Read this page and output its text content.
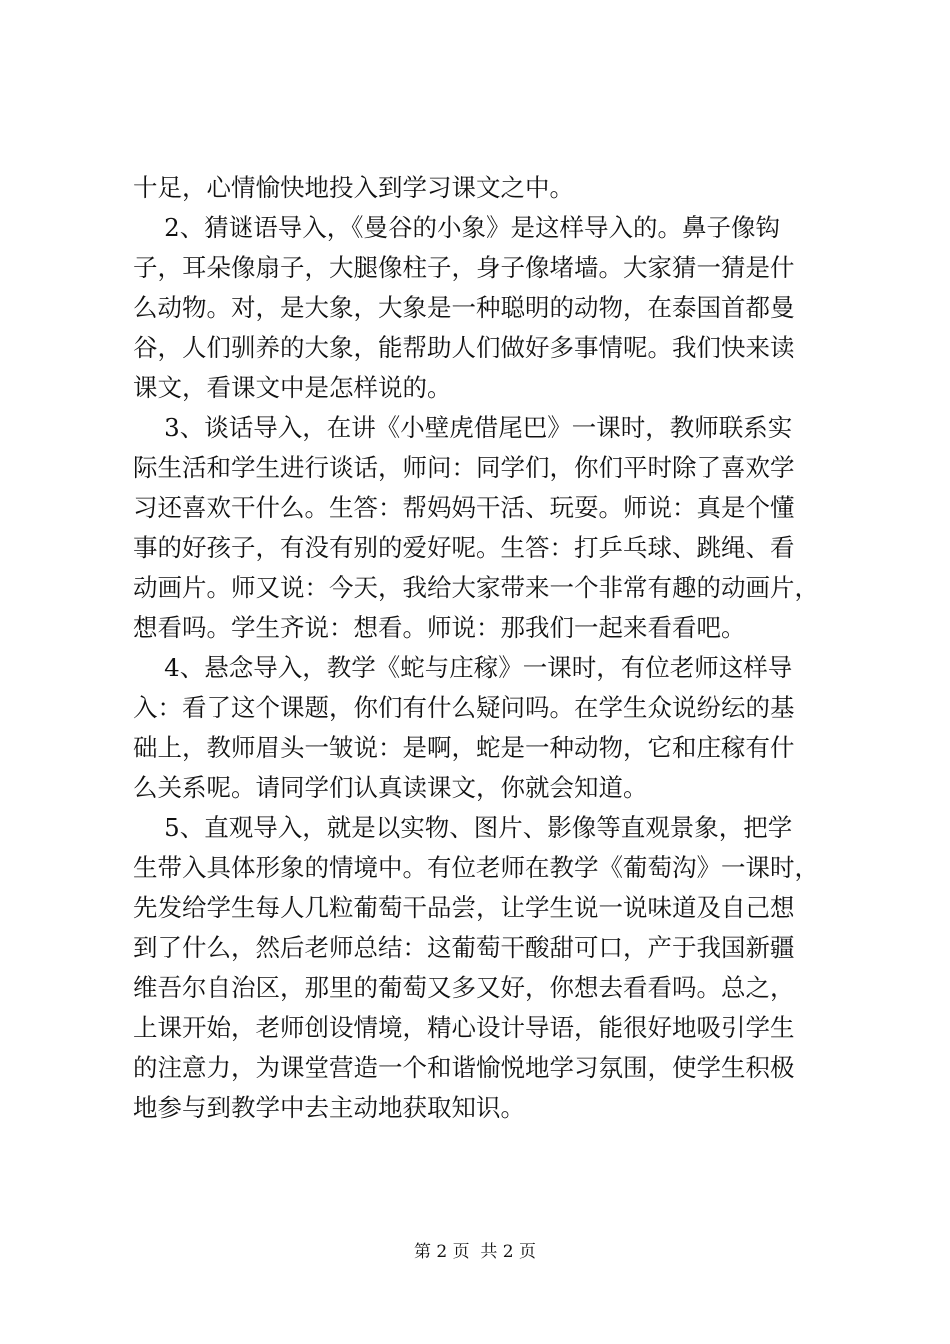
十足，心情愉快地投入到学习课文之中。
2、猜谜语导入，《曼谷的小象》是这样导入的。鼻子像钩
子，耳朵像扇子，大腿像柱子，身子像堵墙。大家猜一猜是什
么动物。对，是大象，大象是一种聪明的动物，在泰国首都曼
谷，人们驯养的大象，能帮助人们做好多事情呢。我们快来读
课文，看课文中是怎样说的。
3、谈话导入，在讲《小壁虎借尾巴》一课时，教师联系实
际生活和学生进行谈话，师问：同学们，你们平时除了喜欢学
习还喜欢干什么。生答：帮妈妈干活、玩耍。师说：真是个懂
事的好孩子，有没有别的爱好呢。生答：打乒乓球、跳绳、看
动画片。师又说：今天，我给大家带来一个非常有趣的动画片，
想看吗。学生齐说：想看。师说：那我们一起来看看吧。
4、悬念导入，教学《蛇与庄稼》一课时，有位老师这样导
入：看了这个课题，你们有什么疑问吗。在学生众说纷纭的基
础上，教师眉头一皱说：是啊，蛇是一种动物，它和庄稼有什
么关系呢。请同学们认真读课文，你就会知道。
5、直观导入，就是以实物、图片、影像等直观景象，把学
生带入具体形象的情境中。有位老师在教学《葡萄沟》一课时，
先发给学生每人几粒葡萄干品尝，让学生说一说味道及自己想
到了什么，然后老师总结：这葡萄干酸甜可口，产于我国新疆
维吾尔自治区，那里的葡萄又多又好，你想去看看吗。总之，
上课开始，老师创设情境，精心设计导语，能很好地吸引学生
的注意力，为课堂营造一个和谐愉悦地学习氛围，使学生积极
地参与到教学中去主动地获取知识。
第 2 页  共 2 页
